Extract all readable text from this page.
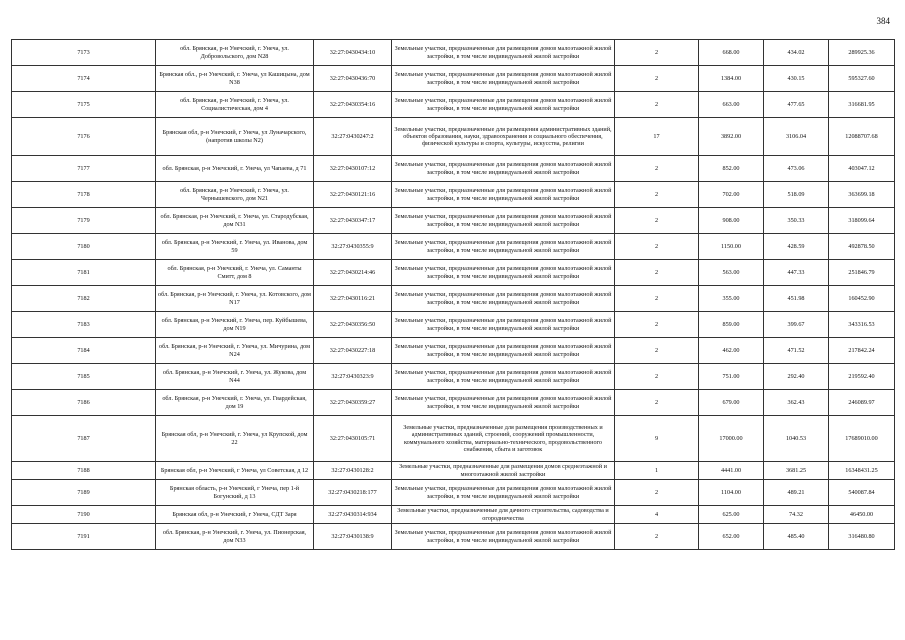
384
7173	обл. Брянская, р-н Унечский, г. Унеча, ул. Добровольского, дом N28	32:27:0430434:10	Земельные участки, предназначенные для размещения домов малоэтажной жилой застройки, в том числе индивидуальной жилой застройки	2	668.00	434.02	289925.36
7174	Брянская обл., р-н Унечский, г. Унеча, ул Кашицына, дом N38	32:27:0430436:70	Земельные участки, предназначенные для размещения домов малоэтажной жилой застройки, в том числе индивидуальной жилой застройки	2	1384.00	430.15	595327.60
7175	обл. Брянская, р-н Унечский, г. Унеча, ул. Социалистическая, дом 4	32:27:0430354:16	Земельные участки, предназначенные для размещения домов малоэтажной жилой застройки, в том числе индивидуальной жилой застройки	2	663.00	477.65	316681.95
7176	Брянская обл, р-н Унечский, г Унеча, ул Луначарского, (напротив школы N2)	32:27:0430247:2	Земельные участки, предназначенные для размещения административных зданий, объектов образования, науки, здравоохранения и социального обеспечения, физической культуры и спорта, культуры, искусства, религии	17	3892.00	3106.04	12088707.68
7177	обл. Брянская, р-н Унечский, г. Унеча, ул Чапаева, д 71	32:27:0430107:12	Земельные участки, предназначенные для размещения домов малоэтажной жилой застройки, в том числе индивидуальной жилой застройки	2	852.00	473.06	403047.12
7178	обл. Брянская, р-н Унечский, г. Унеча, ул. Чернышевского, дом N21	32:27:0430121:16	Земельные участки, предназначенные для размещения домов малоэтажной жилой застройки, в том числе индивидуальной жилой застройки	2	702.00	518.09	363699.18
7179	обл. Брянская, р-н Унечский, г. Унеча, ул. Стародубская, дом N31	32:27:0430347:17	Земельные участки, предназначенные для размещения домов малоэтажной жилой застройки, в том числе индивидуальной жилой застройки	2	908.00	350.33	318099.64
7180	обл. Брянская, р-н Унечский, г. Унеча, ул. Иванова, дом 59	32:27:0430355:9	Земельные участки, предназначенные для размещения домов малоэтажной жилой застройки, в том числе индивидуальной жилой застройки	2	1150.00	428.59	492878.50
7181	обл. Брянская, р-н Унечский, г. Унеча, ул. Саманты Смитт, дом 8	32:27:0430214:46	Земельные участки, предназначенные для размещения домов малоэтажной жилой застройки, в том числе индивидуальной жилой застройки	2	563.00	447.33	251846.79
7182	обл. Брянская, р-н Унечский, г. Унеча, ул. Котовского, дом N17	32:27:0430116:21	Земельные участки, предназначенные для размещения домов малоэтажной жилой застройки, в том числе индивидуальной жилой застройки	2	355.00	451.98	160452.90
7183	обл. Брянская, р-н Унечский, г. Унеча, пер. Куйбышева, дом N19	32:27:0430356:50	Земельные участки, предназначенные для размещения домов малоэтажной жилой застройки, в том числе индивидуальной жилой застройки	2	859.00	399.67	343316.53
7184	обл. Брянская, р-н Унечский, г. Унеча, ул. Мичурина, дом N24	32:27:0430227:18	Земельные участки, предназначенные для размещения домов малоэтажной жилой застройки, в том числе индивидуальной жилой застройки	2	462.00	471.52	217842.24
7185	обл. Брянская, р-н Унечский, г. Унеча, ул. Жукова, дом N44	32:27:0430323:9	Земельные участки, предназначенные для размещения домов малоэтажной жилой застройки, в том числе индивидуальной жилой застройки	2	751.00	292.40	219592.40
7186	обл. Брянская, р-н Унечский, г. Унеча, ул. Гвардейская, дом 19	32:27:0430359:27	Земельные участки, предназначенные для размещения домов малоэтажной жилой застройки, в том числе индивидуальной жилой застройки	2	679.00	362.43	246089.97
7187	Брянская обл, р-н Унечский, г. Унеча, ул Крупской, дом 22	32:27:0430105:71	Земельные участки, предназначенные для размещения производственных и административных зданий, строений, сооружений промышленности, коммунального хозяйства, материально-технического, продовольственного снабжения, сбыта и заготовок	9	17000.00	1040.53	17689010.00
7188	Брянская обл, р-н Унечский, г Унеча, ул Советская, д 12	32:27:0430128:2	Земельные участки, предназначенные для размещения домов среднеэтажной и многоэтажной жилой застройки	1	4441.00	3681.25	16348431.25
7189	Брянская область, р-н Унечский, г Унеча, пер 1-й Богунский, д 13	32:27:0430218:177	Земельные участки, предназначенные для размещения домов малоэтажной жилой застройки, в том числе индивидуальной жилой застройки	2	1104.00	489.21	540087.84
7190	Брянская обл, р-н Унечский, г Унеча, СДТ Заря	32:27:0430314:934	Земельные участки, предназначенные для дачного строительства, садоводства и огородничества	4	625.00	74.32	46450.00
7191	обл. Брянская, р-н Унечский, г. Унеча, ул. Пионерская, дом N33	32:27:0430138:9	Земельные участки, предназначенные для размещения домов малоэтажной жилой застройки, в том числе индивидуальной жилой застройки	2	652.00	485.40	316480.80
